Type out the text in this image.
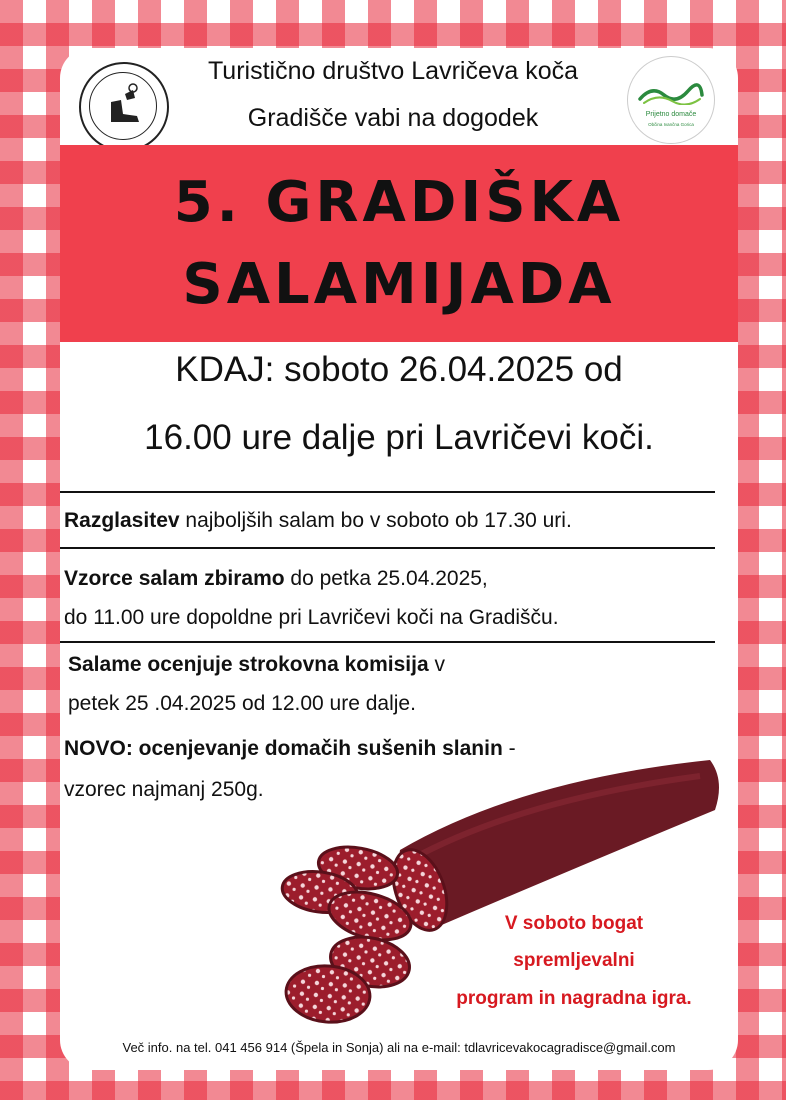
Prijetno domače
Občina Ivančna Gorica
Turistično društvo Lavričeva koča
Gradišče vabi na dogodek
5. GRADIŠKA
SALAMIJADA
KDAJ: soboto 26.04.2025 od
16.00 ure dalje pri Lavričevi koči.
Razglasitev najboljših salam bo v soboto ob 17.30 uri.
Vzorce salam zbiramo do petka 25.04.2025,
do 11.00 ure dopoldne pri Lavričevi koči na Gradišču.
Salame ocenjuje strokovna komisija v
petek 25 .04.2025 od 12.00 ure dalje.
NOVO: ocenjevanje domačih sušenih slanin -
vzorec najmanj 250g.
V soboto bogat
spremljevalni
program in nagradna igra.
Več info. na tel. 041 456 914 (Špela in Sonja) ali na e-mail: tdlavricevakocagradisce@gmail.com
